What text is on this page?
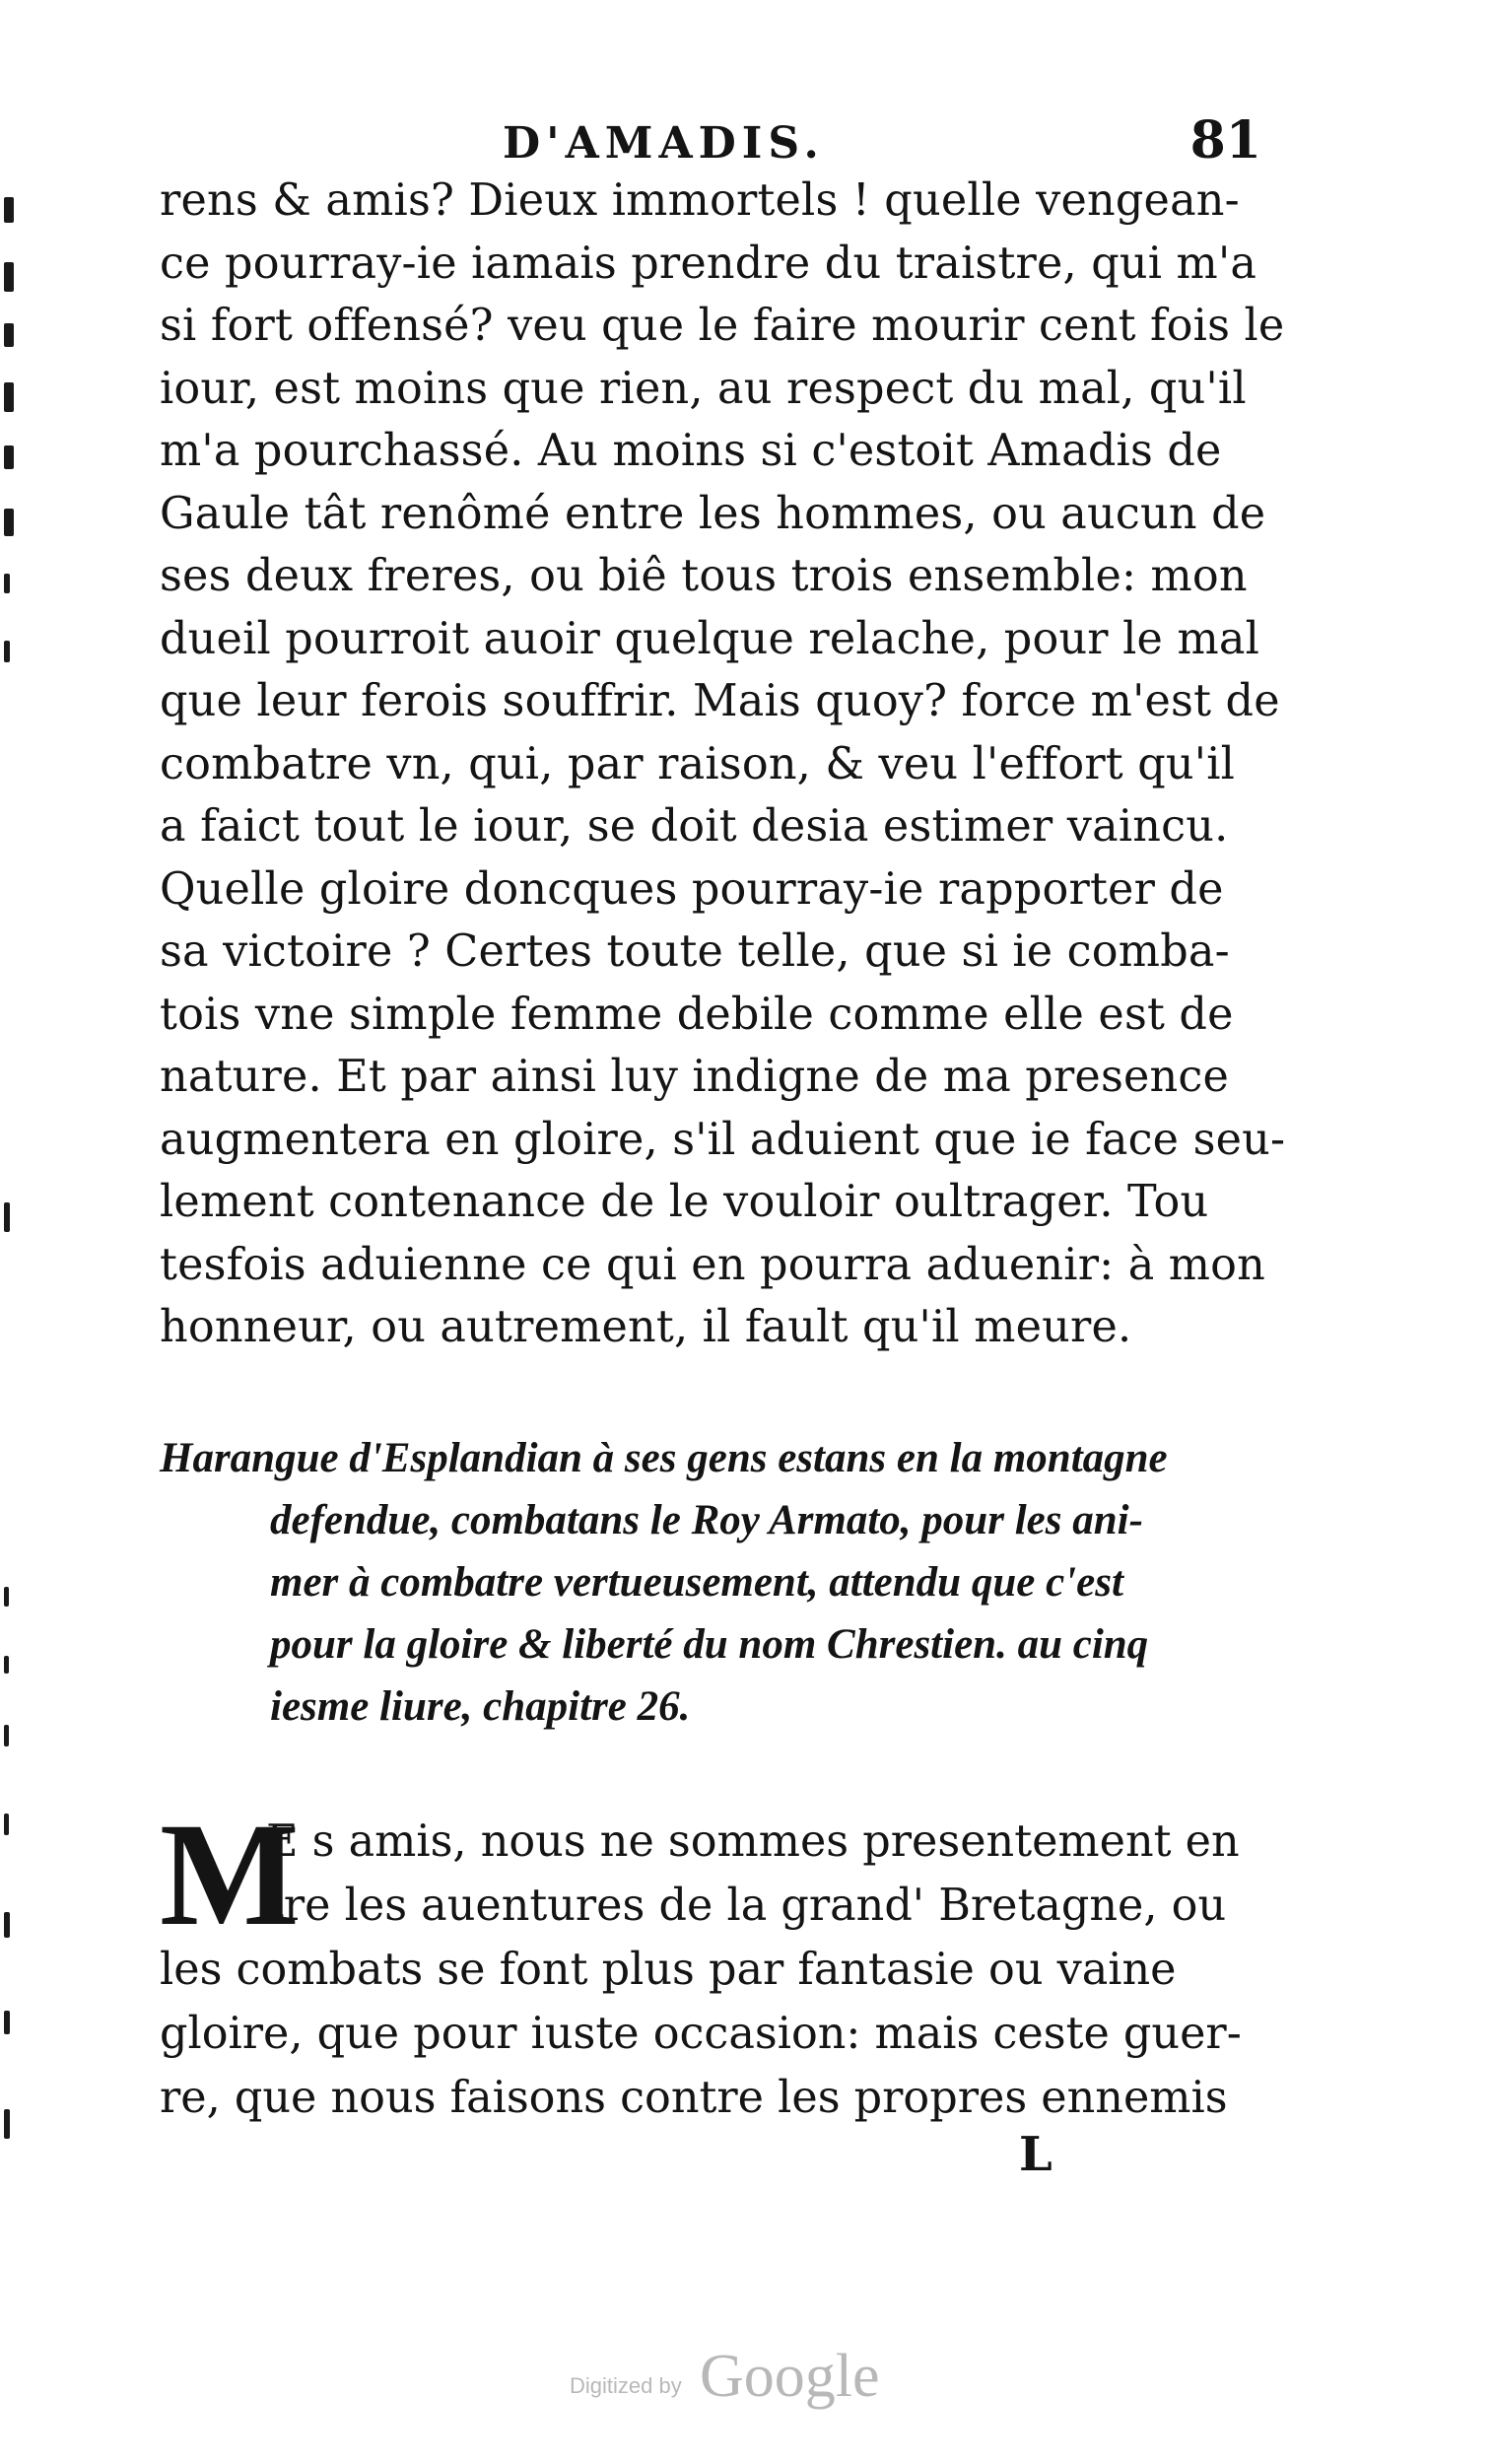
D'AMADIS.	81
rens & amis? Dieux immortels ! quelle vengean-
ce pourray-ie iamais prendre du traistre, qui m'a
si fort offensé? veu que le faire mourir cent fois le
iour, est moins que rien, au respect du mal, qu'il
m'a pourchassé. Au moins si c'estoit Amadis de
Gaule tât renômé entre les hommes, ou aucun de
ses deux freres, ou biê tous trois ensemble: mon
dueil pourroit auoir quelque relache, pour le mal
que leur ferois souffrir. Mais quoy? force m'est de
combatre vn, qui, par raison, & veu l'effort qu'il
a faict tout le iour, se doit desia estimer vaincu.
Quelle gloire doncques pourray-ie rapporter de
sa victoire ? Certes toute telle, que si ie comba-
tois vne simple femme debile comme elle est de
nature. Et par ainsi luy indigne de ma presence
augmentera en gloire, s'il aduient que ie face seu-
lement contenance de le vouloir oultrager. Tou
tesfois aduienne ce qui en pourra aduenir: à mon
honneur, ou autrement, il fault qu'il meure.
Harangue d'Esplandian à ses gens estans en la montagne
defendue, combatans le Roy Armato, pour les ani-
mer à combatre vertueusement, attendu que c'est
pour la gloire & liberté du nom Chrestien. au cinq
iesme liure, chapitre 26.
M
E s amis, nous ne sommes presentement en
tre les auentures de la grand' Bretagne, ou
les combats se font plus par fantasie ou vaine
gloire, que pour iuste occasion: mais ceste guer-
re, que nous faisons contre les propres ennemis
L
Digitized by Google
